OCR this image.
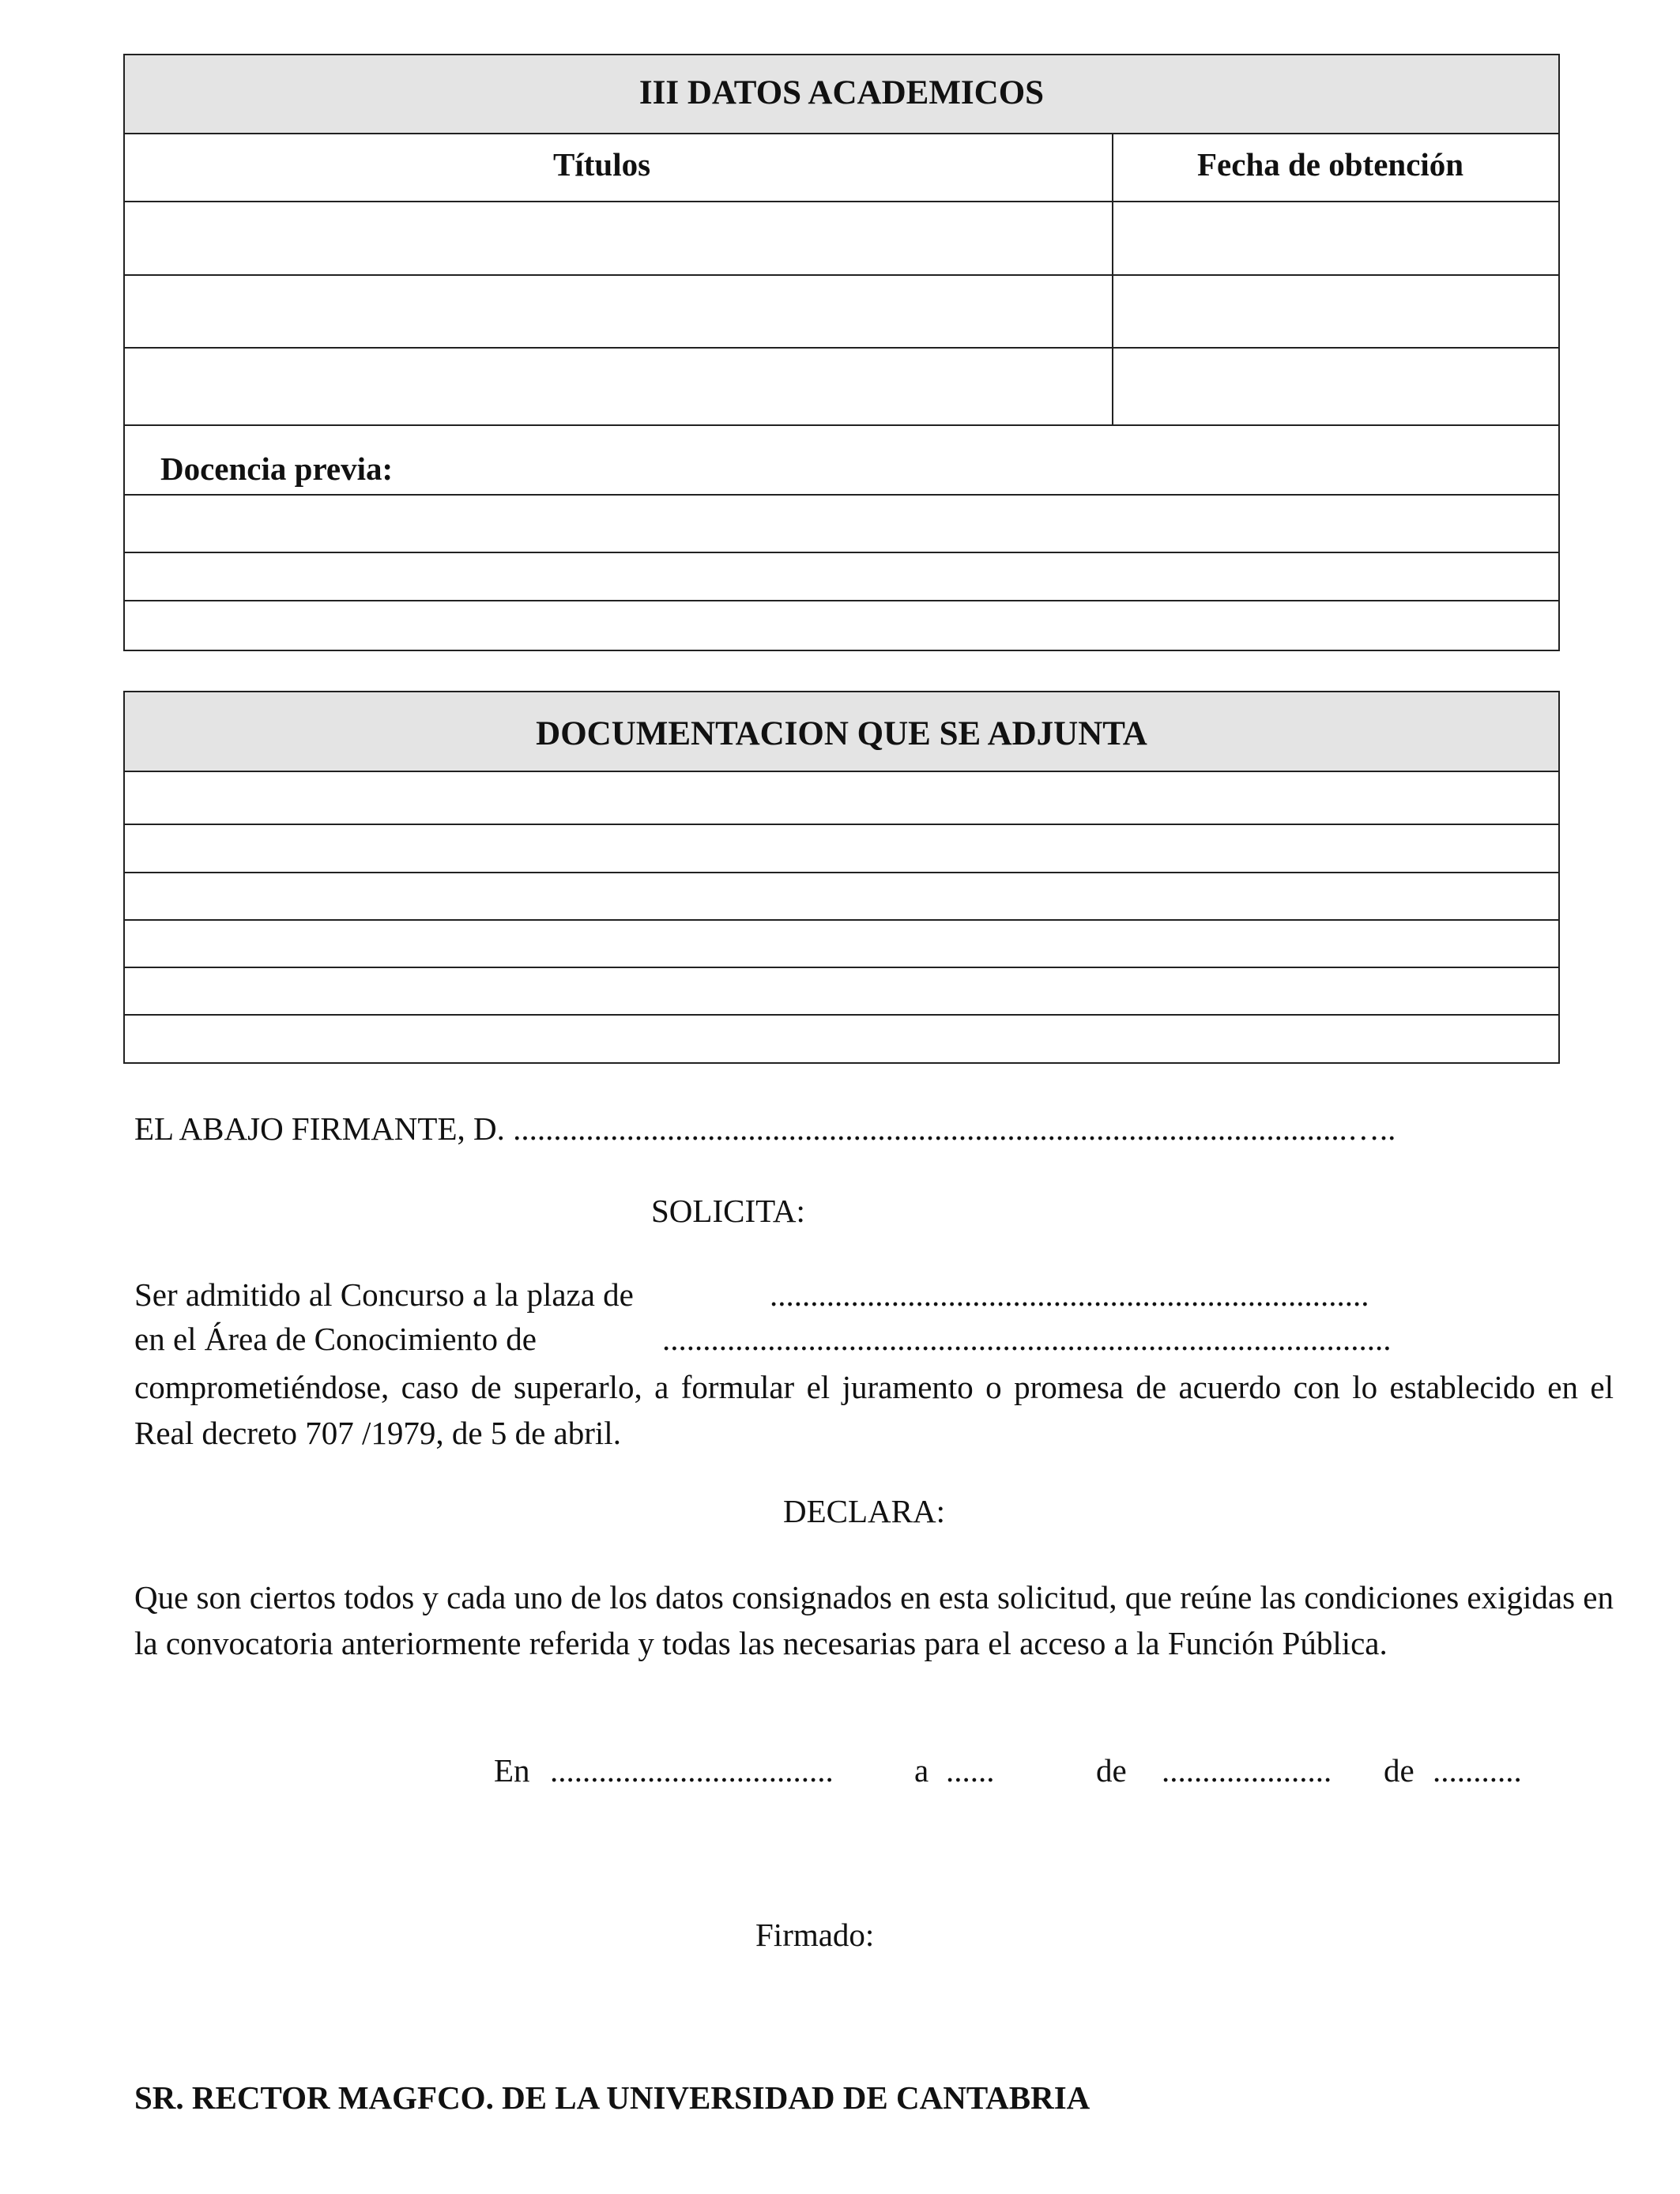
III DATOS ACADEMICOS
Títulos	Fecha de obtención
Docencia previa:
DOCUMENTACION QUE SE ADJUNTA
EL ABAJO FIRMANTE, D. .......................................................................................................…..
SOLICITA:
Ser admitido al Concurso a la plaza de	..........................................................................
en el Área de Conocimiento de	..........................................................................................
comprometiéndose, caso de superarlo, a formular el juramento o promesa de acuerdo con lo establecido en el Real decreto 707 /1979, de 5 de abril.
DECLARA:
Que son ciertos todos y cada uno de los datos consignados en esta solicitud, que reúne las condiciones exigidas en la convocatoria anteriormente referida y todas las necesarias para el acceso a la Función Pública.
En ................................... a ......	de ..................... de ...........
Firmado:
SR. RECTOR MAGFCO. DE LA UNIVERSIDAD DE CANTABRIA
